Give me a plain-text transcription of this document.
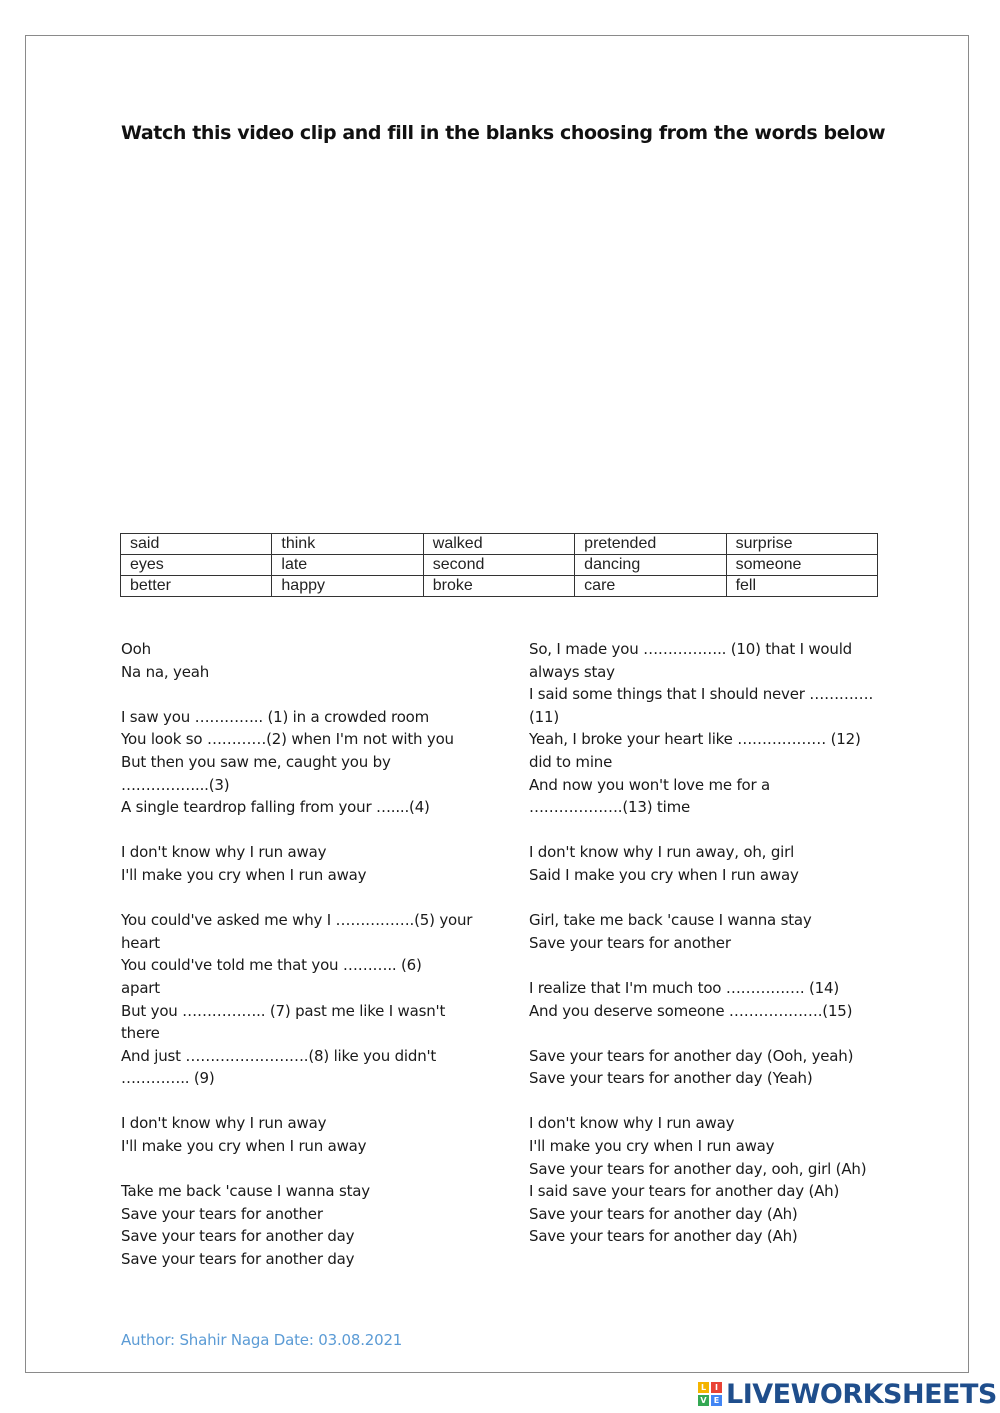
Watch this video clip and fill in the blanks choosing from the words below
said	think	walked	pretended	surprise
eyes	late	second	dancing	someone
better	happy	broke	care	fell
Ooh
Na na, yeah
I saw you ………….. (1) in a crowded room
You look so …………(2) when I'm not with you
But then you saw me, caught you by
……………...(3)
A single teardrop falling from your …....(4)
I don't know why I run away
I'll make you cry when I run away
You could've asked me why I …………….(5) your
heart
You could've told me that you ……….. (6)
apart
But you …………….. (7) past me like I wasn't
there
And just …………………….(8) like you didn't
………….. (9)
I don't know why I run away
I'll make you cry when I run away
Take me back 'cause I wanna stay
Save your tears for another
Save your tears for another day
Save your tears for another day
So, I made you …………….. (10) that I would
always stay
I said some things that I should never ………….
(11)
Yeah, I broke your heart like ……………… (12)
did to mine
And now you won't love me for a
……………….(13) time
I don't know why I run away, oh, girl
Said I make you cry when I run away
Girl, take me back 'cause I wanna stay
Save your tears for another
I realize that I'm much too ……………. (14)
And you deserve someone ……………….(15)
Save your tears for another day (Ooh, yeah)
Save your tears for another day (Yeah)
I don't know why I run away
I'll make you cry when I run away
Save your tears for another day, ooh, girl (Ah)
I said save your tears for another day (Ah)
Save your tears for another day (Ah)
Save your tears for another day (Ah)
Author: Shahir Naga Date: 03.08.2021
L	I
V E LIVEWORKSHEETS
